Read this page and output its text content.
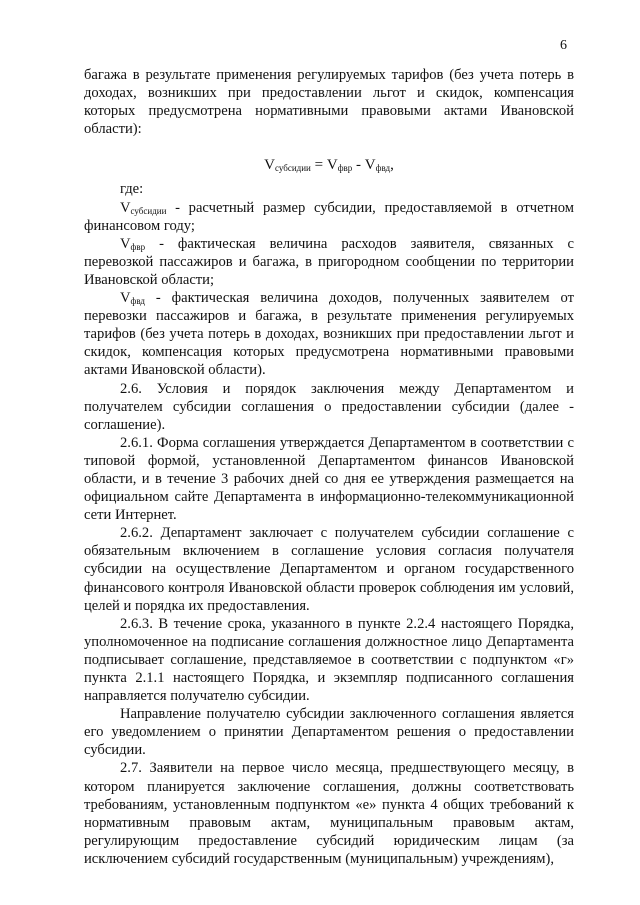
6

багажа в результате применения регулируемых тарифов (без учета потерь в доходах, возникших при предоставлении льгот и скидок, компенсация которых предусмотрена нормативными правовыми актами Ивановской области):

$V_{субсидии} = V_{фвр} - V_{фвд}$,

где:

$V_{субсидии}$ - расчетный размер субсидии, предоставляемой в отчетном финансовом году;

$V_{фвр}$ - фактическая величина расходов заявителя, связанных с перевозкой пассажиров и багажа, в пригородном сообщении по территории Ивановской области;

$V_{фвд}$ - фактическая величина доходов, полученных заявителем от перевозки пассажиров и багажа, в результате применения регулируемых тарифов (без учета потерь в доходах, возникших при предоставлении льгот и скидок, компенсация которых предусмотрена нормативными правовыми актами Ивановской области).

2.6. Условия и порядок заключения между Департаментом и получателем субсидии соглашения о предоставлении субсидии (далее - соглашение).

2.6.1. Форма соглашения утверждается Департаментом в соответствии с типовой формой, установленной Департаментом финансов Ивановской области, и в течение 3 рабочих дней со дня ее утверждения размещается на официальном сайте Департамента в информационно-телекоммуникационной сети Интернет.

2.6.2. Департамент заключает с получателем субсидии соглашение с обязательным включением в соглашение условия согласия получателя субсидии на осуществление Департаментом и органом государственного финансового контроля Ивановской области проверок соблюдения им условий, целей и порядка их предоставления.

2.6.3. В течение срока, указанного в пункте 2.2.4 настоящего Порядка, уполномоченное на подписание соглашения должностное лицо Департамента подписывает соглашение, представляемое в соответствии с подпунктом «г» пункта 2.1.1 настоящего Порядка, и экземпляр подписанного соглашения направляется получателю субсидии.

Направление получателю субсидии заключенного соглашения является его уведомлением о принятии Департаментом решения о предоставлении субсидии.

2.7. Заявители на первое число месяца, предшествующего месяцу, в котором планируется заключение соглашения, должны соответствовать требованиям, установленным подпунктом «е» пункта 4 общих требований к нормативным правовым актам, муниципальным правовым актам, регулирующим предоставление субсидий юридическим лицам (за исключением субсидий государственным (муниципальным) учреждениям),
